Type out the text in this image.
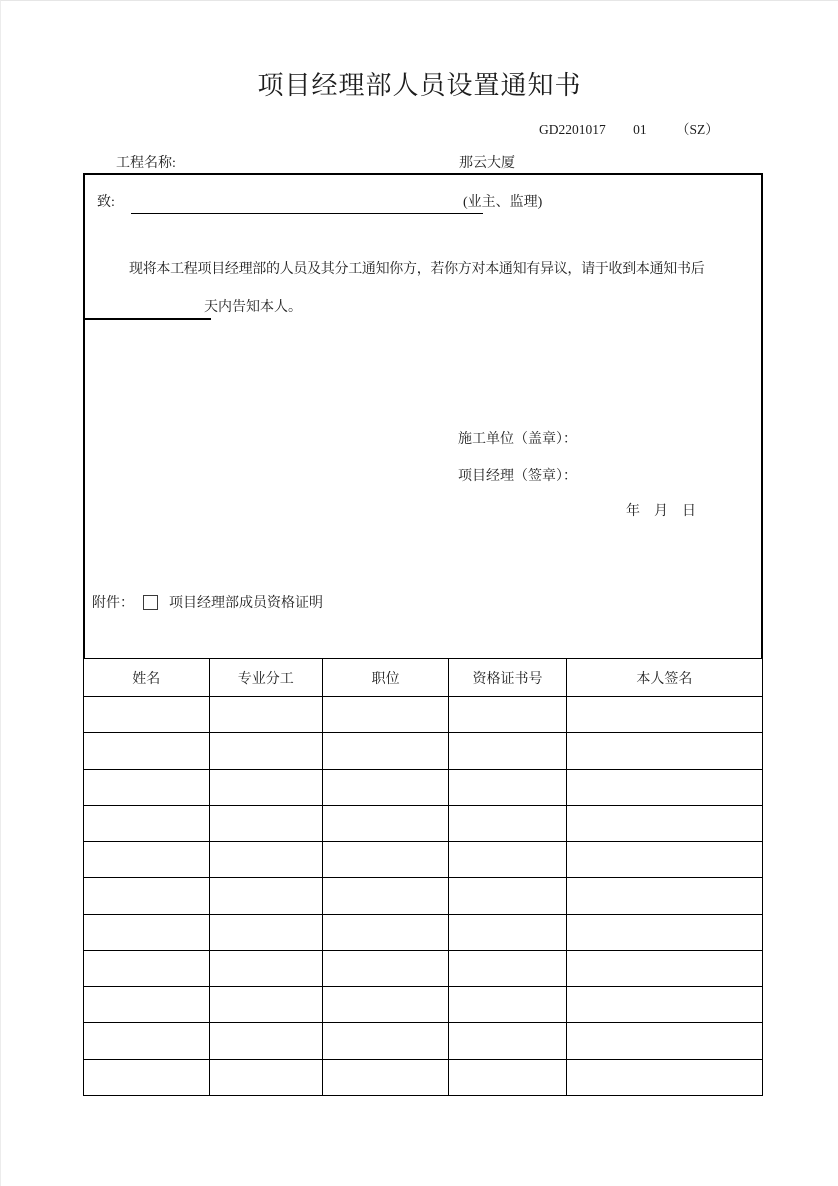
项目经理部人员设置通知书
GD2201017 01 （SZ）
工程名称:	那云大厦
致:	(业主、监理)
现将本工程项目经理部的人员及其分工通知你方，若你方对本通知有异议，请于收到本通知书后
天内告知本人。
施工单位（盖章）：
项目经理（签章）：
年　月　日
附件：	项目经理部成员资格证明
姓名	专业分工	职位	资格证书号	本人签名
